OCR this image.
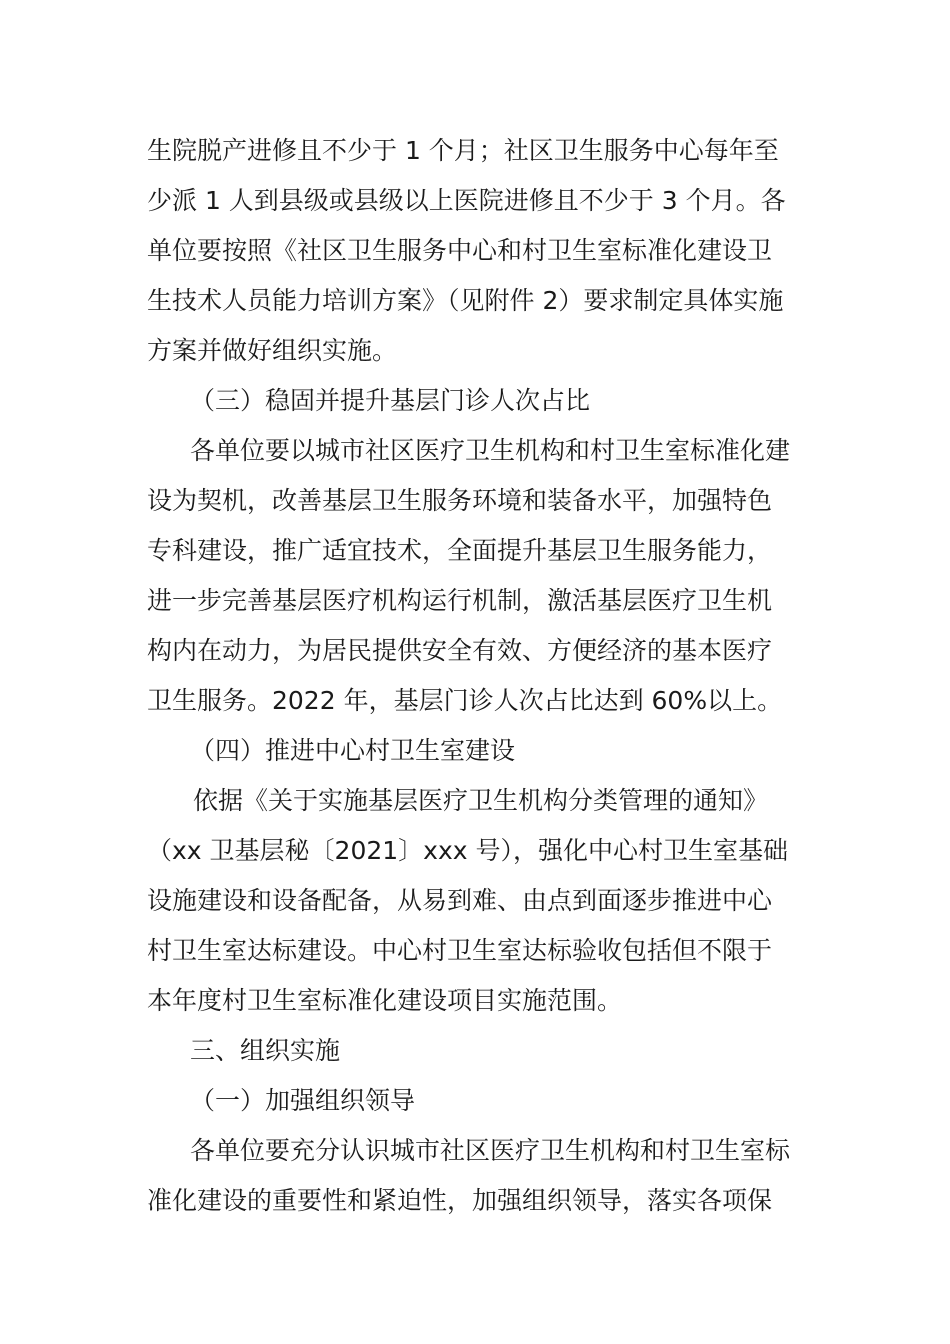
生院脱产进修且不少于 1 个月；社区卫生服务中心每年至
少派 1 人到县级或县级以上医院进修且不少于 3 个月。各
单位要按照《社区卫生服务中心和村卫生室标准化建设卫
生技术人员能力培训方案》（见附件 2）要求制定具体实施
方案并做好组织实施。
（三）稳固并提升基层门诊人次占比
各单位要以城市社区医疗卫生机构和村卫生室标准化建
设为契机，改善基层卫生服务环境和装备水平，加强特色
专科建设，推广适宜技术，全面提升基层卫生服务能力，
进一步完善基层医疗机构运行机制，激活基层医疗卫生机
构内在动力，为居民提供安全有效、方便经济的基本医疗
卫生服务。2022 年，基层门诊人次占比达到 60%以上。
（四）推进中心村卫生室建设
依据《关于实施基层医疗卫生机构分类管理的通知》
（xx 卫基层秘〔2021〕xxx 号），强化中心村卫生室基础
设施建设和设备配备，从易到难、由点到面逐步推进中心
村卫生室达标建设。中心村卫生室达标验收包括但不限于
本年度村卫生室标准化建设项目实施范围。
三、组织实施
（一）加强组织领导
各单位要充分认识城市社区医疗卫生机构和村卫生室标
准化建设的重要性和紧迫性，加强组织领导，落实各项保
